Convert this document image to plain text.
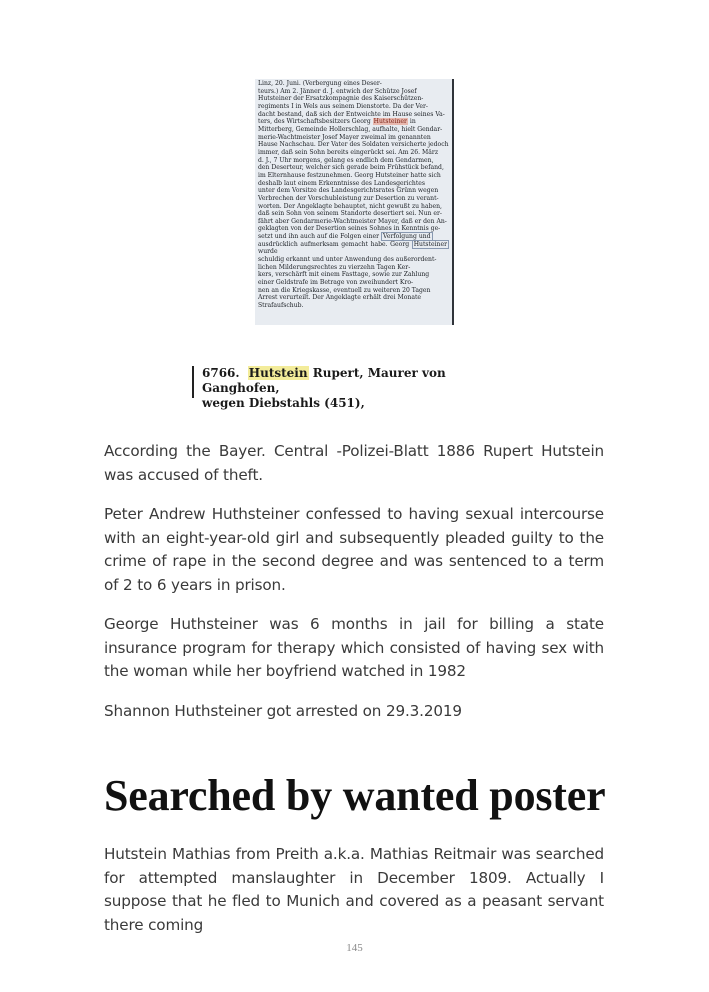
Linz, 20. Juni. (Verbergung eines Deser-

teurs.) Am 2. Jänner d. J. entwich der Schütze Josef

Hutsteiner der Ersatzkompagnie des Kaiserschützen-

regiments I in Wels aus seinem Dienstorte. Da der Ver-

dacht bestand, daß sich der Entweichte im Hause seines Va-

ters, des Wirtschaftsbesitzers Georg Hutsteiner in

Mitterberg, Gemeinde Hollerschlag, aufhalte, hielt Gendar-

merie-Wachtmeister Josef Mayer zweimal im genannten

Hause Nachschau. Der Vater des Soldaten versicherte jedoch

immer, daß sein Sohn bereits eingerückt sei. Am 26. März

d. J., 7 Uhr morgens, gelang es endlich dem Gendarmen,

den Deserteur, welcher sich gerade beim Frühstück befand,

im Elternhause festzunehmen. Georg Hutsteiner hatte sich

deshalb laut einem Erkenntnisse des Landesgerichtes

unter dem Vorsitze des Landesgerichtsrates Grünn wegen

Verbrechen der Vorschubleistung zur Desertion zu verant-

worten. Der Angeklagte behauptet, nicht gewußt zu haben,

daß sein Sohn von seinem Standorte desertiert sei. Nun er-

fährt aber Gendarmerie-Wachtmeister Mayer, daß er den An-

geklagten von der Desertion seines Sohnes in Kenntnis ge-

setzt und ihn auch auf die Folgen einer Verfolgung und

ausdrücklich aufmerksam gemacht habe. Georg Hutsteiner wurde

schuldig erkannt und unter Anwendung des außerordent-

lichen Milderungsrechtes zu vierzehn Tagen Ker-

kers, verschärft mit einem Fasttage, sowie zur Zahlung

einer Geldstrafe im Betrage von zweihundert Kro-

nen an die Kriegskasse, eventuell zu weiteren 20 Tagen

Arrest verurteilt. Der Angeklagte erhält drei Monate

Strafaufschub.

6766. Hutstein Rupert, Maurer von Ganghofen,
wegen Diebstahls (451),

According the Bayer. Central -Polizei-Blatt 1886 Rupert Hutstein was accused of theft.

Peter Andrew Huthsteiner confessed to having sexual intercourse with an eight-year-old girl and subsequently pleaded guilty to the crime of rape in the second degree and was sentenced to a term of 2 to 6 years in prison.

George Huthsteiner was 6 months in jail for billing a state insurance program for therapy which consisted of having sex with the woman while her boyfriend watched in 1982

Shannon Huthsteiner got arrested on 29.3.2019

Searched by wanted poster

Hutstein Mathias from Preith a.k.a. Mathias Reitmair was searched for attempted manslaughter in December 1809. Actually I suppose that he fled to Munich and covered as a peasant servant there coming

145
